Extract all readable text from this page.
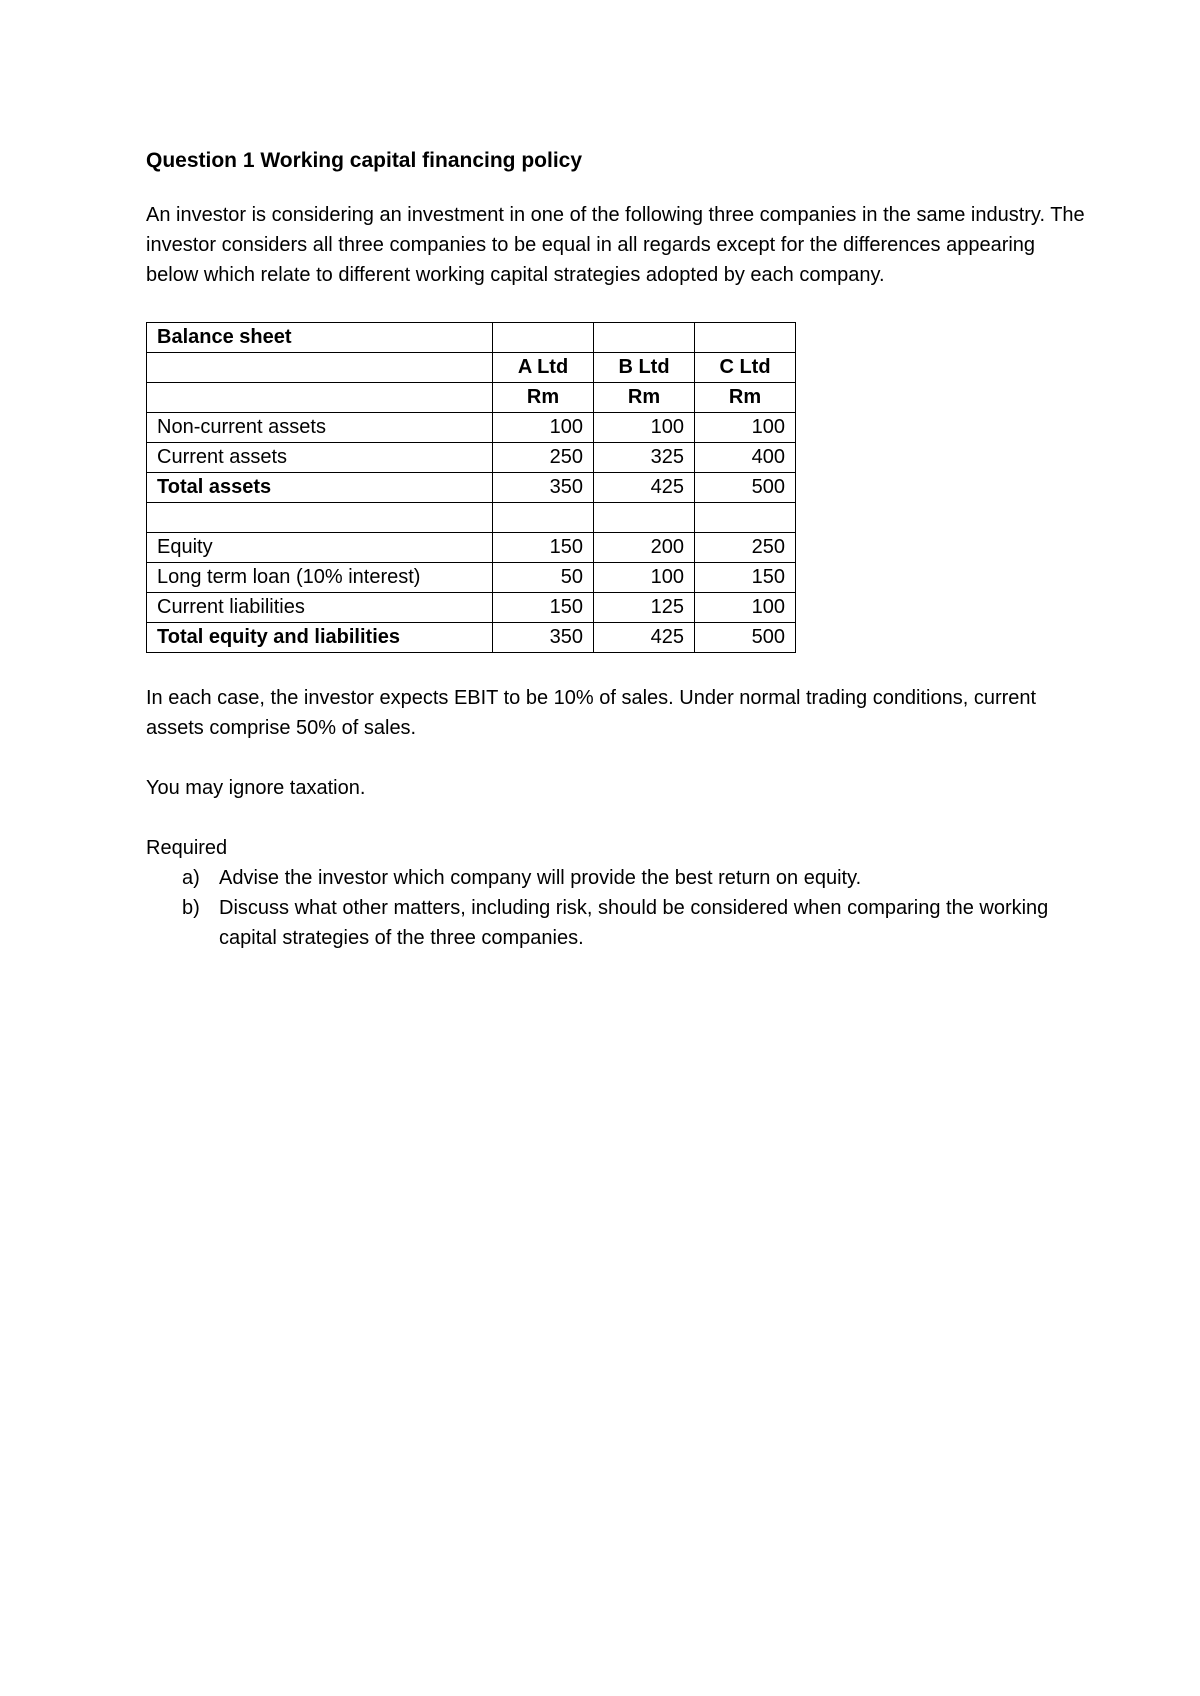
Question 1 Working capital financing policy

An investor is considering an investment in one of the following three companies in the same industry. The investor considers all three companies to be equal in all regards except for the differences appearing below which relate to different working capital strategies adopted by each company.

Balance sheet			
	A Ltd	B Ltd	C Ltd
	Rm	Rm	Rm
Non-current assets	100	100	100
Current assets	250	325	400
Total assets	350	425	500

Equity	150	200	250
Long term loan (10% interest)	50	100	150
Current liabilities	150	125	100
Total equity and liabilities	350	425	500

In each case, the investor expects EBIT to be 10% of sales. Under normal trading conditions, current assets comprise 50% of sales.

You may ignore taxation.

Required

a) Advise the investor which company will provide the best return on equity.
b) Discuss what other matters, including risk, should be considered when comparing the working capital strategies of the three companies.
